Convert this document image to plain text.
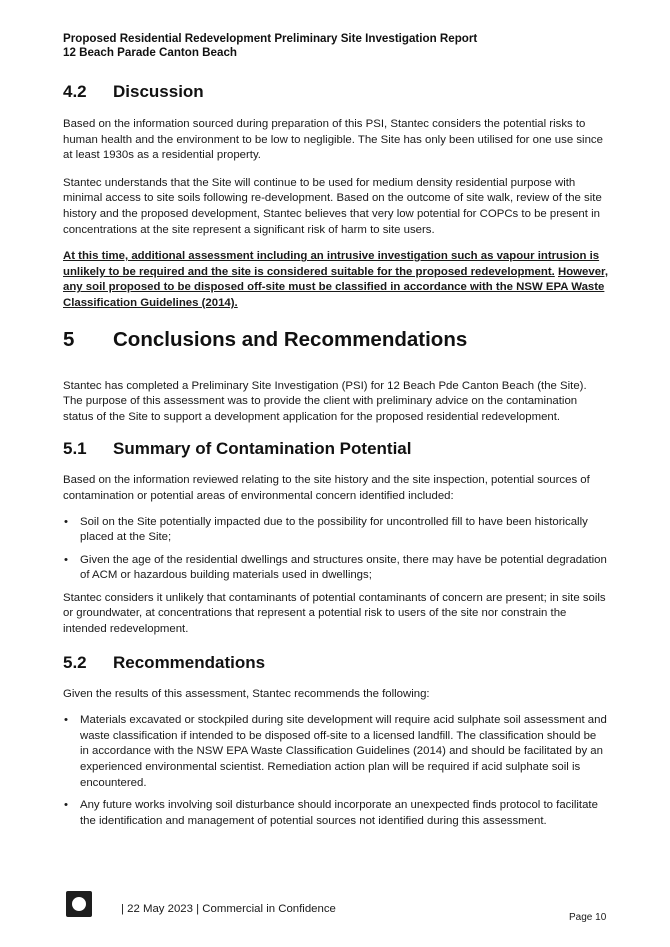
Proposed Residential Redevelopment Preliminary Site Investigation Report
12 Beach Parade Canton Beach
4.2	Discussion

Based on the information sourced during preparation of this PSI, Stantec considers the potential risks to human health and the environment to be low to negligible. The Site has only been utilised for one use since at least 1930s as a residential property.

Stantec understands that the Site will continue to be used for medium density residential purpose with minimal access to site soils following re-development. Based on the outcome of site walk, review of the site history and the proposed development, Stantec believes that very low potential for COPCs to be present in concentrations at the site represent a significant risk of harm to site users.

At this time, additional assessment including an intrusive investigation such as vapour intrusion is unlikely to be required and the site is considered suitable for the proposed redevelopment. However, any soil proposed to be disposed off-site must be classified in accordance with the NSW EPA Waste Classification Guidelines (2014).

5	Conclusions and Recommendations

Stantec has completed a Preliminary Site Investigation (PSI) for 12 Beach Pde Canton Beach (the Site). The purpose of this assessment was to provide the client with preliminary advice on the contamination status of the Site to support a development application for the proposed residential redevelopment.

5.1	Summary of Contamination Potential

Based on the information reviewed relating to the site history and the site inspection, potential sources of contamination or potential areas of environmental concern identified included:

• Soil on the Site potentially impacted due to the possibility for uncontrolled fill to have been historically placed at the Site;
• Given the age of the residential dwellings and structures onsite, there may have be potential degradation of ACM or hazardous building materials used in dwellings;

Stantec considers it unlikely that contaminants of potential contaminants of concern are present; in site soils or groundwater, at concentrations that represent a potential risk to users of the site nor constrain the intended redevelopment.

5.2	Recommendations

Given the results of this assessment, Stantec recommends the following:

• Materials excavated or stockpiled during site development will require acid sulphate soil assessment and waste classification if intended to be disposed off-site to a licensed landfill. The classification should be in accordance with the NSW EPA Waste Classification Guidelines (2014) and should be facilitated by an experienced environmental scientist. Remediation action plan will be required if acid sulphate soil is encountered.
• Any future works involving soil disturbance should incorporate an unexpected finds protocol to facilitate the identification and management of potential sources not identified during this assessment.
| 22 May 2023 | Commercial in Confidence
Page 10
